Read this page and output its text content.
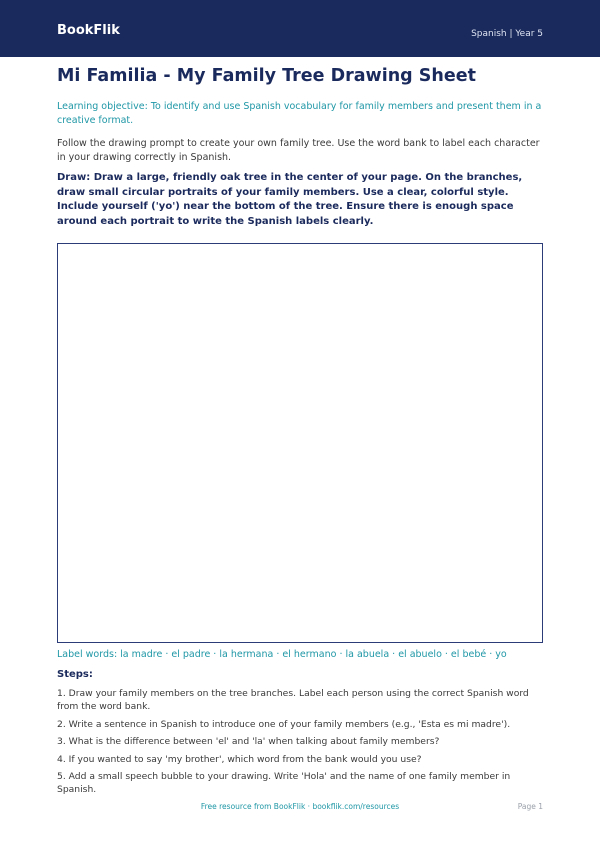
BookFlik	Spanish | Year 5
Mi Familia - My Family Tree Drawing Sheet

Learning objective: To identify and use Spanish vocabulary for family members and present them in a creative format.

Follow the drawing prompt to create your own family tree. Use the word bank to label each character in your drawing correctly in Spanish.

Draw: Draw a large, friendly oak tree in the center of your page. On the branches, draw small circular portraits of your family members. Use a clear, colorful style. Include yourself ('yo') near the bottom of the tree. Ensure there is enough space around each portrait to write the Spanish labels clearly.

Label words: la madre · el padre · la hermana · el hermano · la abuela · el abuelo · el bebé · yo

Steps:

1. Draw your family members on the tree branches. Label each person using the correct Spanish word from the word bank.
2. Write a sentence in Spanish to introduce one of your family members (e.g., 'Esta es mi madre').
3. What is the difference between 'el' and 'la' when talking about family members?
4. If you wanted to say 'my brother', which word from the bank would you use?
5. Add a small speech bubble to your drawing. Write 'Hola' and the name of one family member in Spanish.
Free resource from BookFlik · bookflik.com/resources	Page 1
